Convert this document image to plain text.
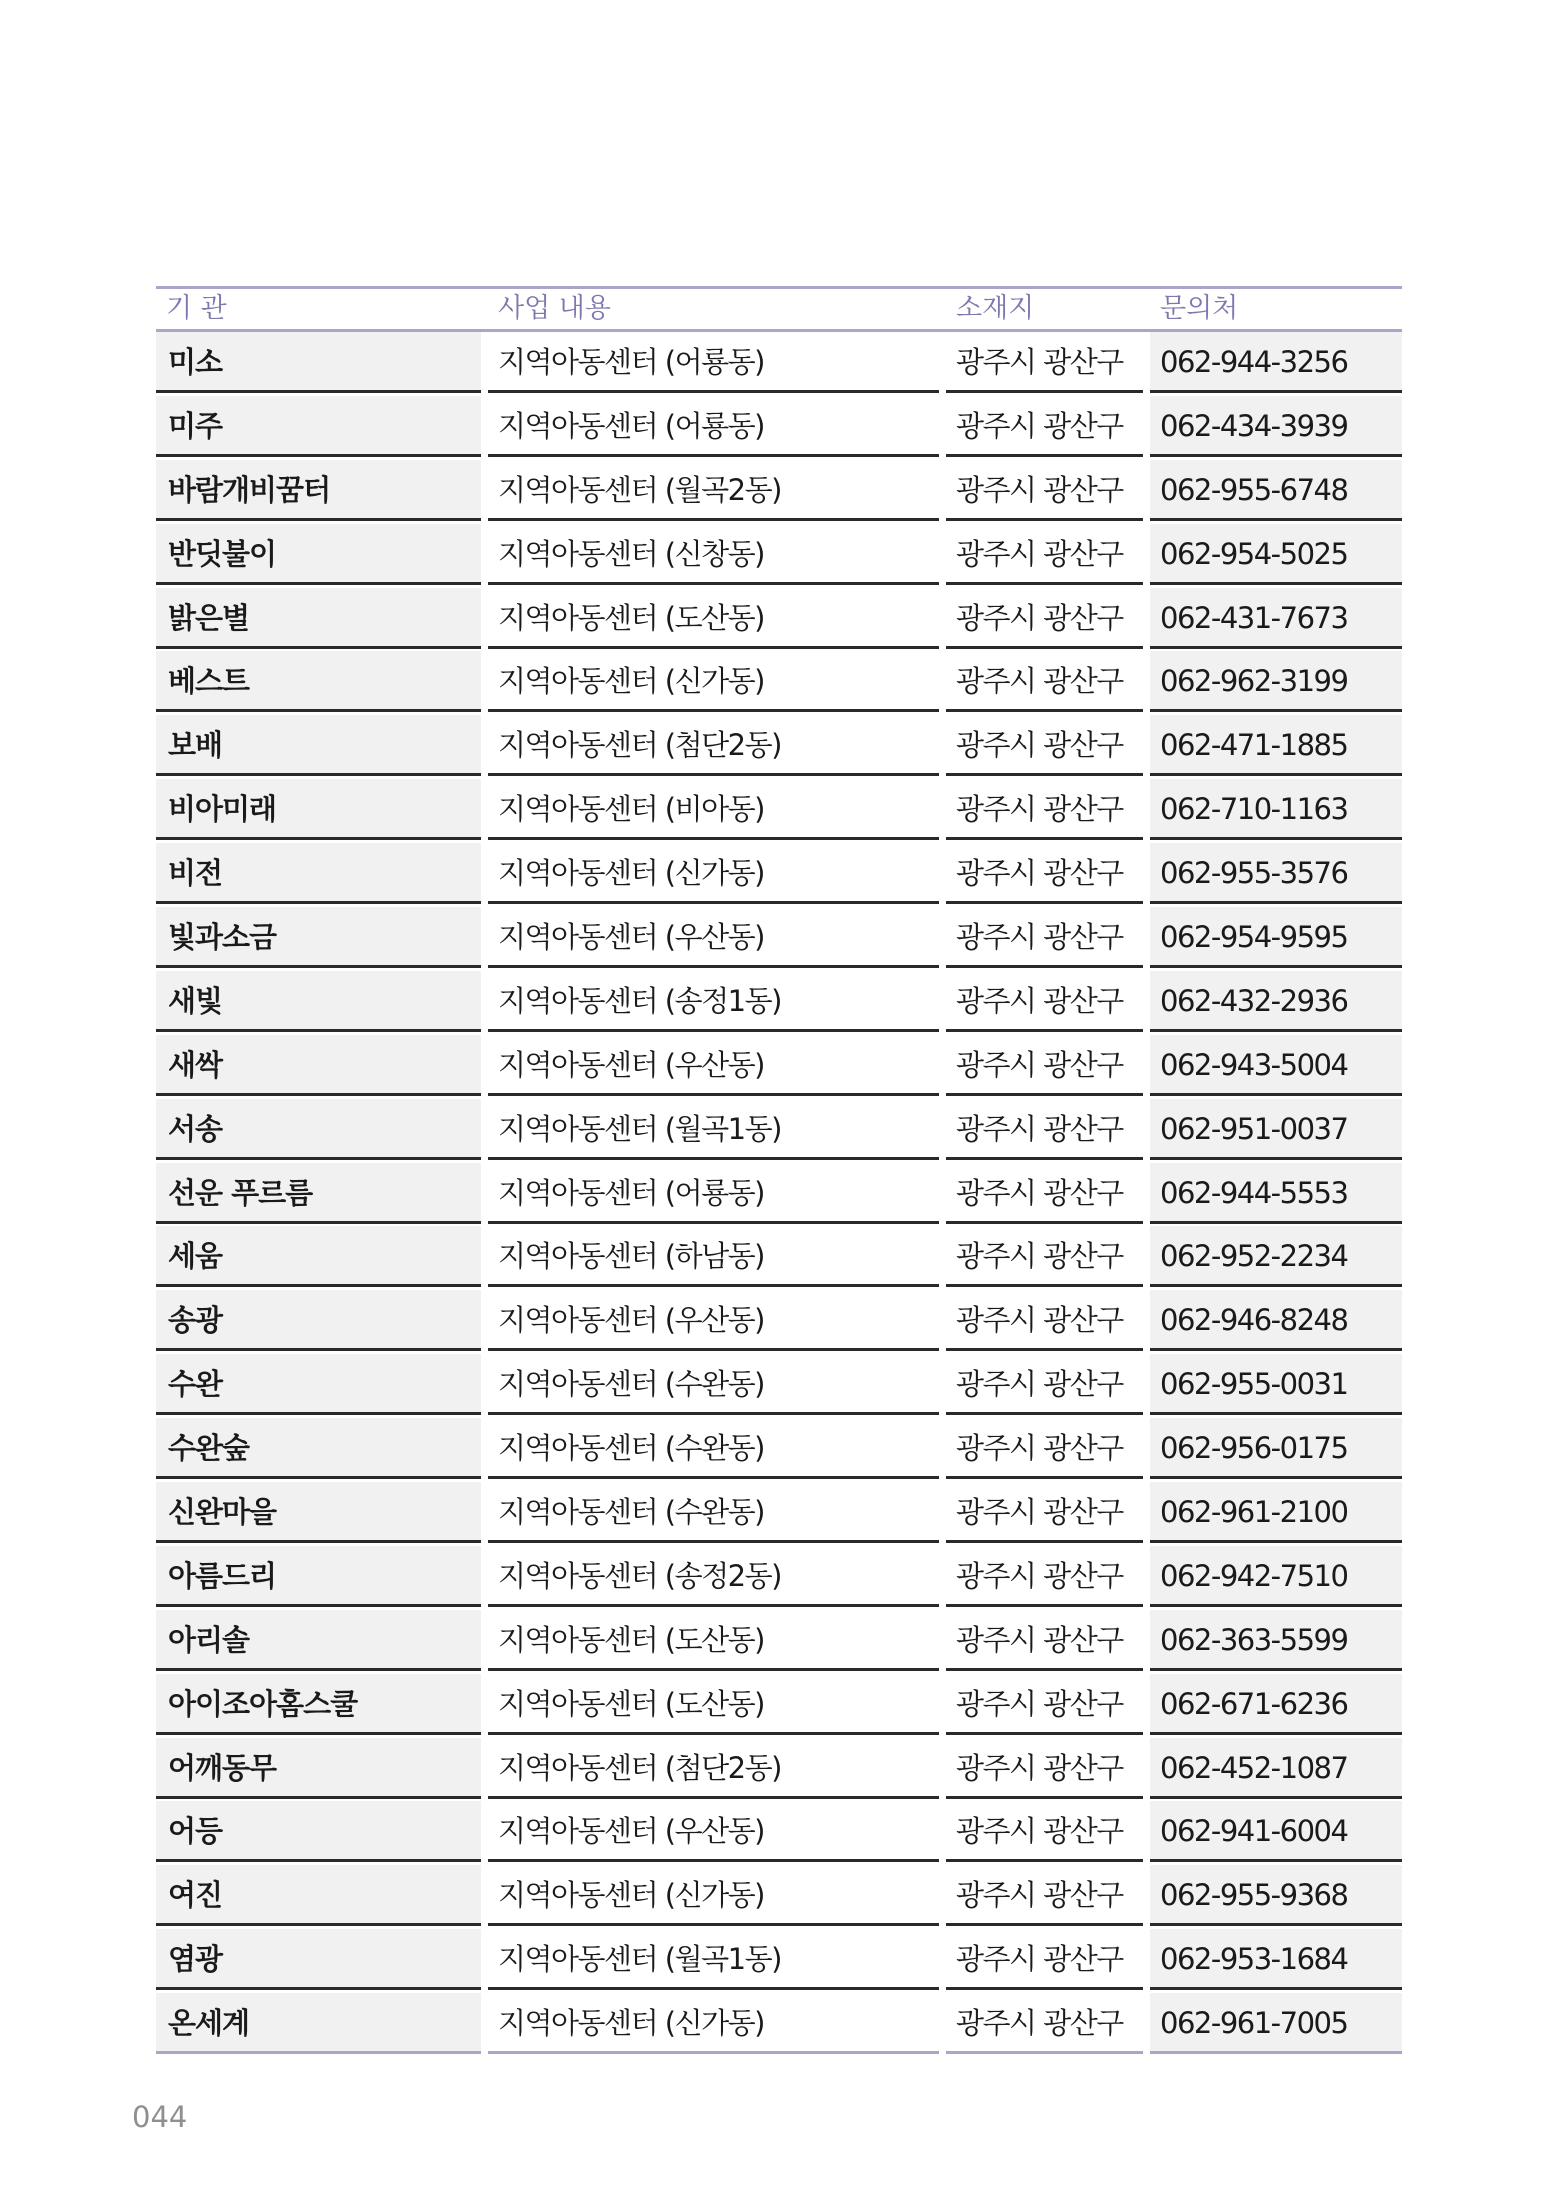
기 관	사업 내용	소재지	문의처
미소	지역아동센터 (어룡동)	광주시 광산구	062-944-3256
미주	지역아동센터 (어룡동)	광주시 광산구	062-434-3939
바람개비꿈터	지역아동센터 (월곡2동)	광주시 광산구	062-955-6748
반딧불이	지역아동센터 (신창동)	광주시 광산구	062-954-5025
밝은별	지역아동센터 (도산동)	광주시 광산구	062-431-7673
베스트	지역아동센터 (신가동)	광주시 광산구	062-962-3199
보배	지역아동센터 (첨단2동)	광주시 광산구	062-471-1885
비아미래	지역아동센터 (비아동)	광주시 광산구	062-710-1163
비전	지역아동센터 (신가동)	광주시 광산구	062-955-3576
빛과소금	지역아동센터 (우산동)	광주시 광산구	062-954-9595
새빛	지역아동센터 (송정1동)	광주시 광산구	062-432-2936
새싹	지역아동센터 (우산동)	광주시 광산구	062-943-5004
서송	지역아동센터 (월곡1동)	광주시 광산구	062-951-0037
선운 푸르름	지역아동센터 (어룡동)	광주시 광산구	062-944-5553
세움	지역아동센터 (하남동)	광주시 광산구	062-952-2234
송광	지역아동센터 (우산동)	광주시 광산구	062-946-8248
수완	지역아동센터 (수완동)	광주시 광산구	062-955-0031
수완숲	지역아동센터 (수완동)	광주시 광산구	062-956-0175
신완마을	지역아동센터 (수완동)	광주시 광산구	062-961-2100
아름드리	지역아동센터 (송정2동)	광주시 광산구	062-942-7510
아리솔	지역아동센터 (도산동)	광주시 광산구	062-363-5599
아이조아홈스쿨	지역아동센터 (도산동)	광주시 광산구	062-671-6236
어깨동무	지역아동센터 (첨단2동)	광주시 광산구	062-452-1087
어등	지역아동센터 (우산동)	광주시 광산구	062-941-6004
여진	지역아동센터 (신가동)	광주시 광산구	062-955-9368
염광	지역아동센터 (월곡1동)	광주시 광산구	062-953-1684
온세계	지역아동센터 (신가동)	광주시 광산구	062-961-7005
044
